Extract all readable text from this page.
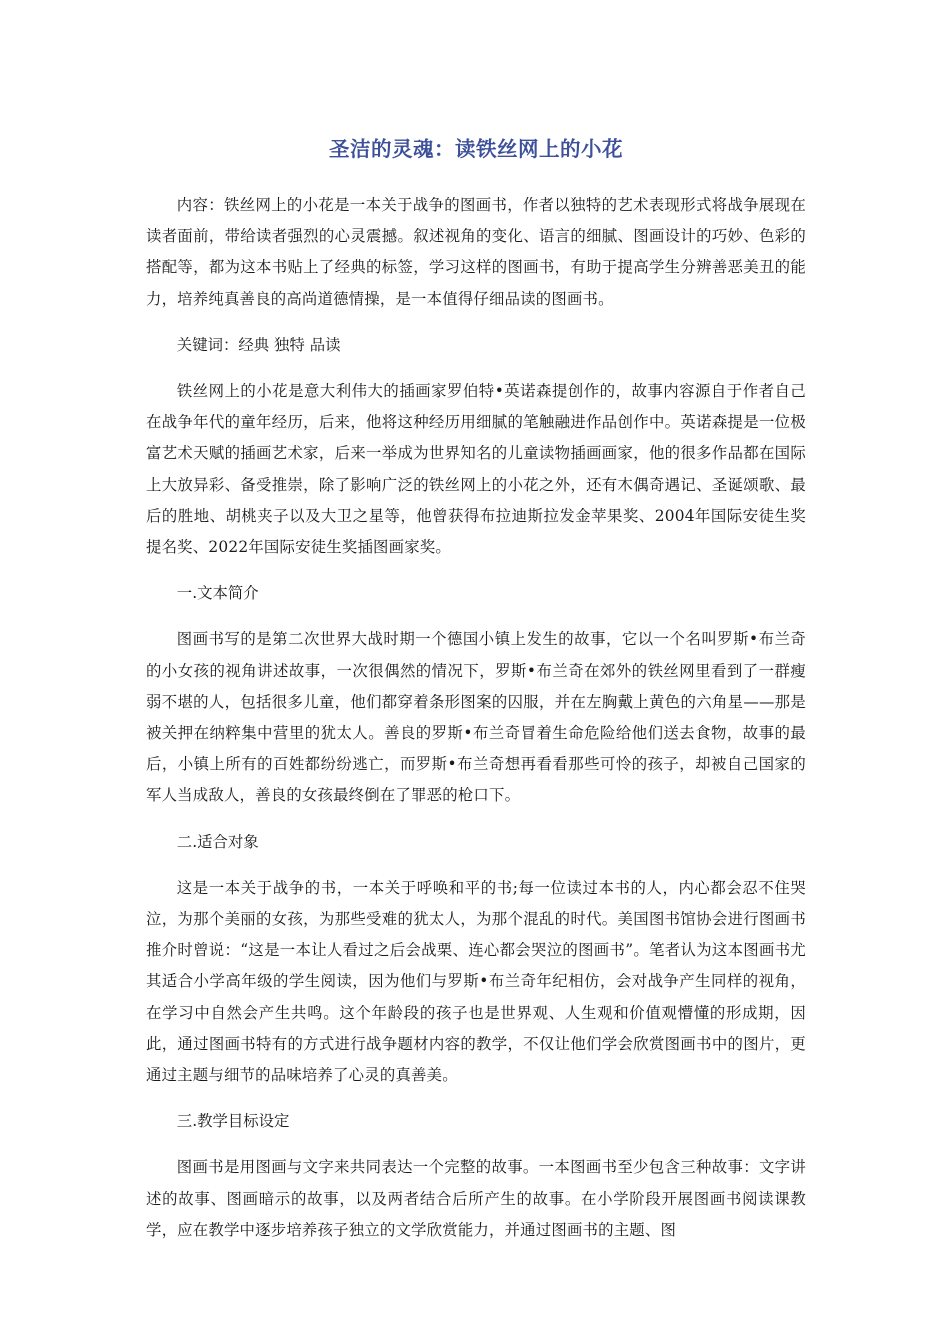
圣洁的灵魂：读铁丝网上的小花

内容：铁丝网上的小花是一本关于战争的图画书，作者以独特的艺术表现形式将战争展现在读者面前，带给读者强烈的心灵震撼。叙述视角的变化、语言的细腻、图画设计的巧妙、色彩的搭配等，都为这本书贴上了经典的标签，学习这样的图画书，有助于提高学生分辨善恶美丑的能力，培养纯真善良的高尚道德情操，是一本值得仔细品读的图画书。

关键词：经典 独特 品读

铁丝网上的小花是意大利伟大的插画家罗伯特•英诺森提创作的，故事内容源自于作者自己在战争年代的童年经历，后来，他将这种经历用细腻的笔触融进作品创作中。英诺森提是一位极富艺术天赋的插画艺术家，后来一举成为世界知名的儿童读物插画画家，他的很多作品都在国际上大放异彩、备受推崇，除了影响广泛的铁丝网上的小花之外，还有木偶奇遇记、圣诞颂歌、最后的胜地、胡桃夹子以及大卫之星等，他曾获得布拉迪斯拉发金苹果奖、2004年国际安徒生奖提名奖、2022年国际安徒生奖插图画家奖。

一.文本简介

图画书写的是第二次世界大战时期一个德国小镇上发生的故事，它以一个名叫罗斯•布兰奇的小女孩的视角讲述故事，一次很偶然的情况下，罗斯•布兰奇在郊外的铁丝网里看到了一群瘦弱不堪的人，包括很多儿童，他们都穿着条形图案的囚服，并在左胸戴上黄色的六角星——那是被关押在纳粹集中营里的犹太人。善良的罗斯•布兰奇冒着生命危险给他们送去食物，故事的最后，小镇上所有的百姓都纷纷逃亡，而罗斯•布兰奇想再看看那些可怜的孩子，却被自己国家的军人当成敌人，善良的女孩最终倒在了罪恶的枪口下。

二.适合对象

这是一本关于战争的书，一本关于呼唤和平的书;每一位读过本书的人，内心都会忍不住哭泣，为那个美丽的女孩，为那些受难的犹太人，为那个混乱的时代。美国图书馆协会进行图画书推介时曾说：“这是一本让人看过之后会战栗、连心都会哭泣的图画书”。笔者认为这本图画书尤其适合小学高年级的学生阅读，因为他们与罗斯•布兰奇年纪相仿，会对战争产生同样的视角，在学习中自然会产生共鸣。这个年龄段的孩子也是世界观、人生观和价值观懵懂的形成期，因此，通过图画书特有的方式进行战争题材内容的教学，不仅让他们学会欣赏图画书中的图片，更通过主题与细节的品味培养了心灵的真善美。

三.教学目标设定

图画书是用图画与文字来共同表达一个完整的故事。一本图画书至少包含三种故事：文字讲述的故事、图画暗示的故事，以及两者结合后所产生的故事。在小学阶段开展图画书阅读课教学，应在教学中逐步培养孩子独立的文学欣赏能力，并通过图画书的主题、图
